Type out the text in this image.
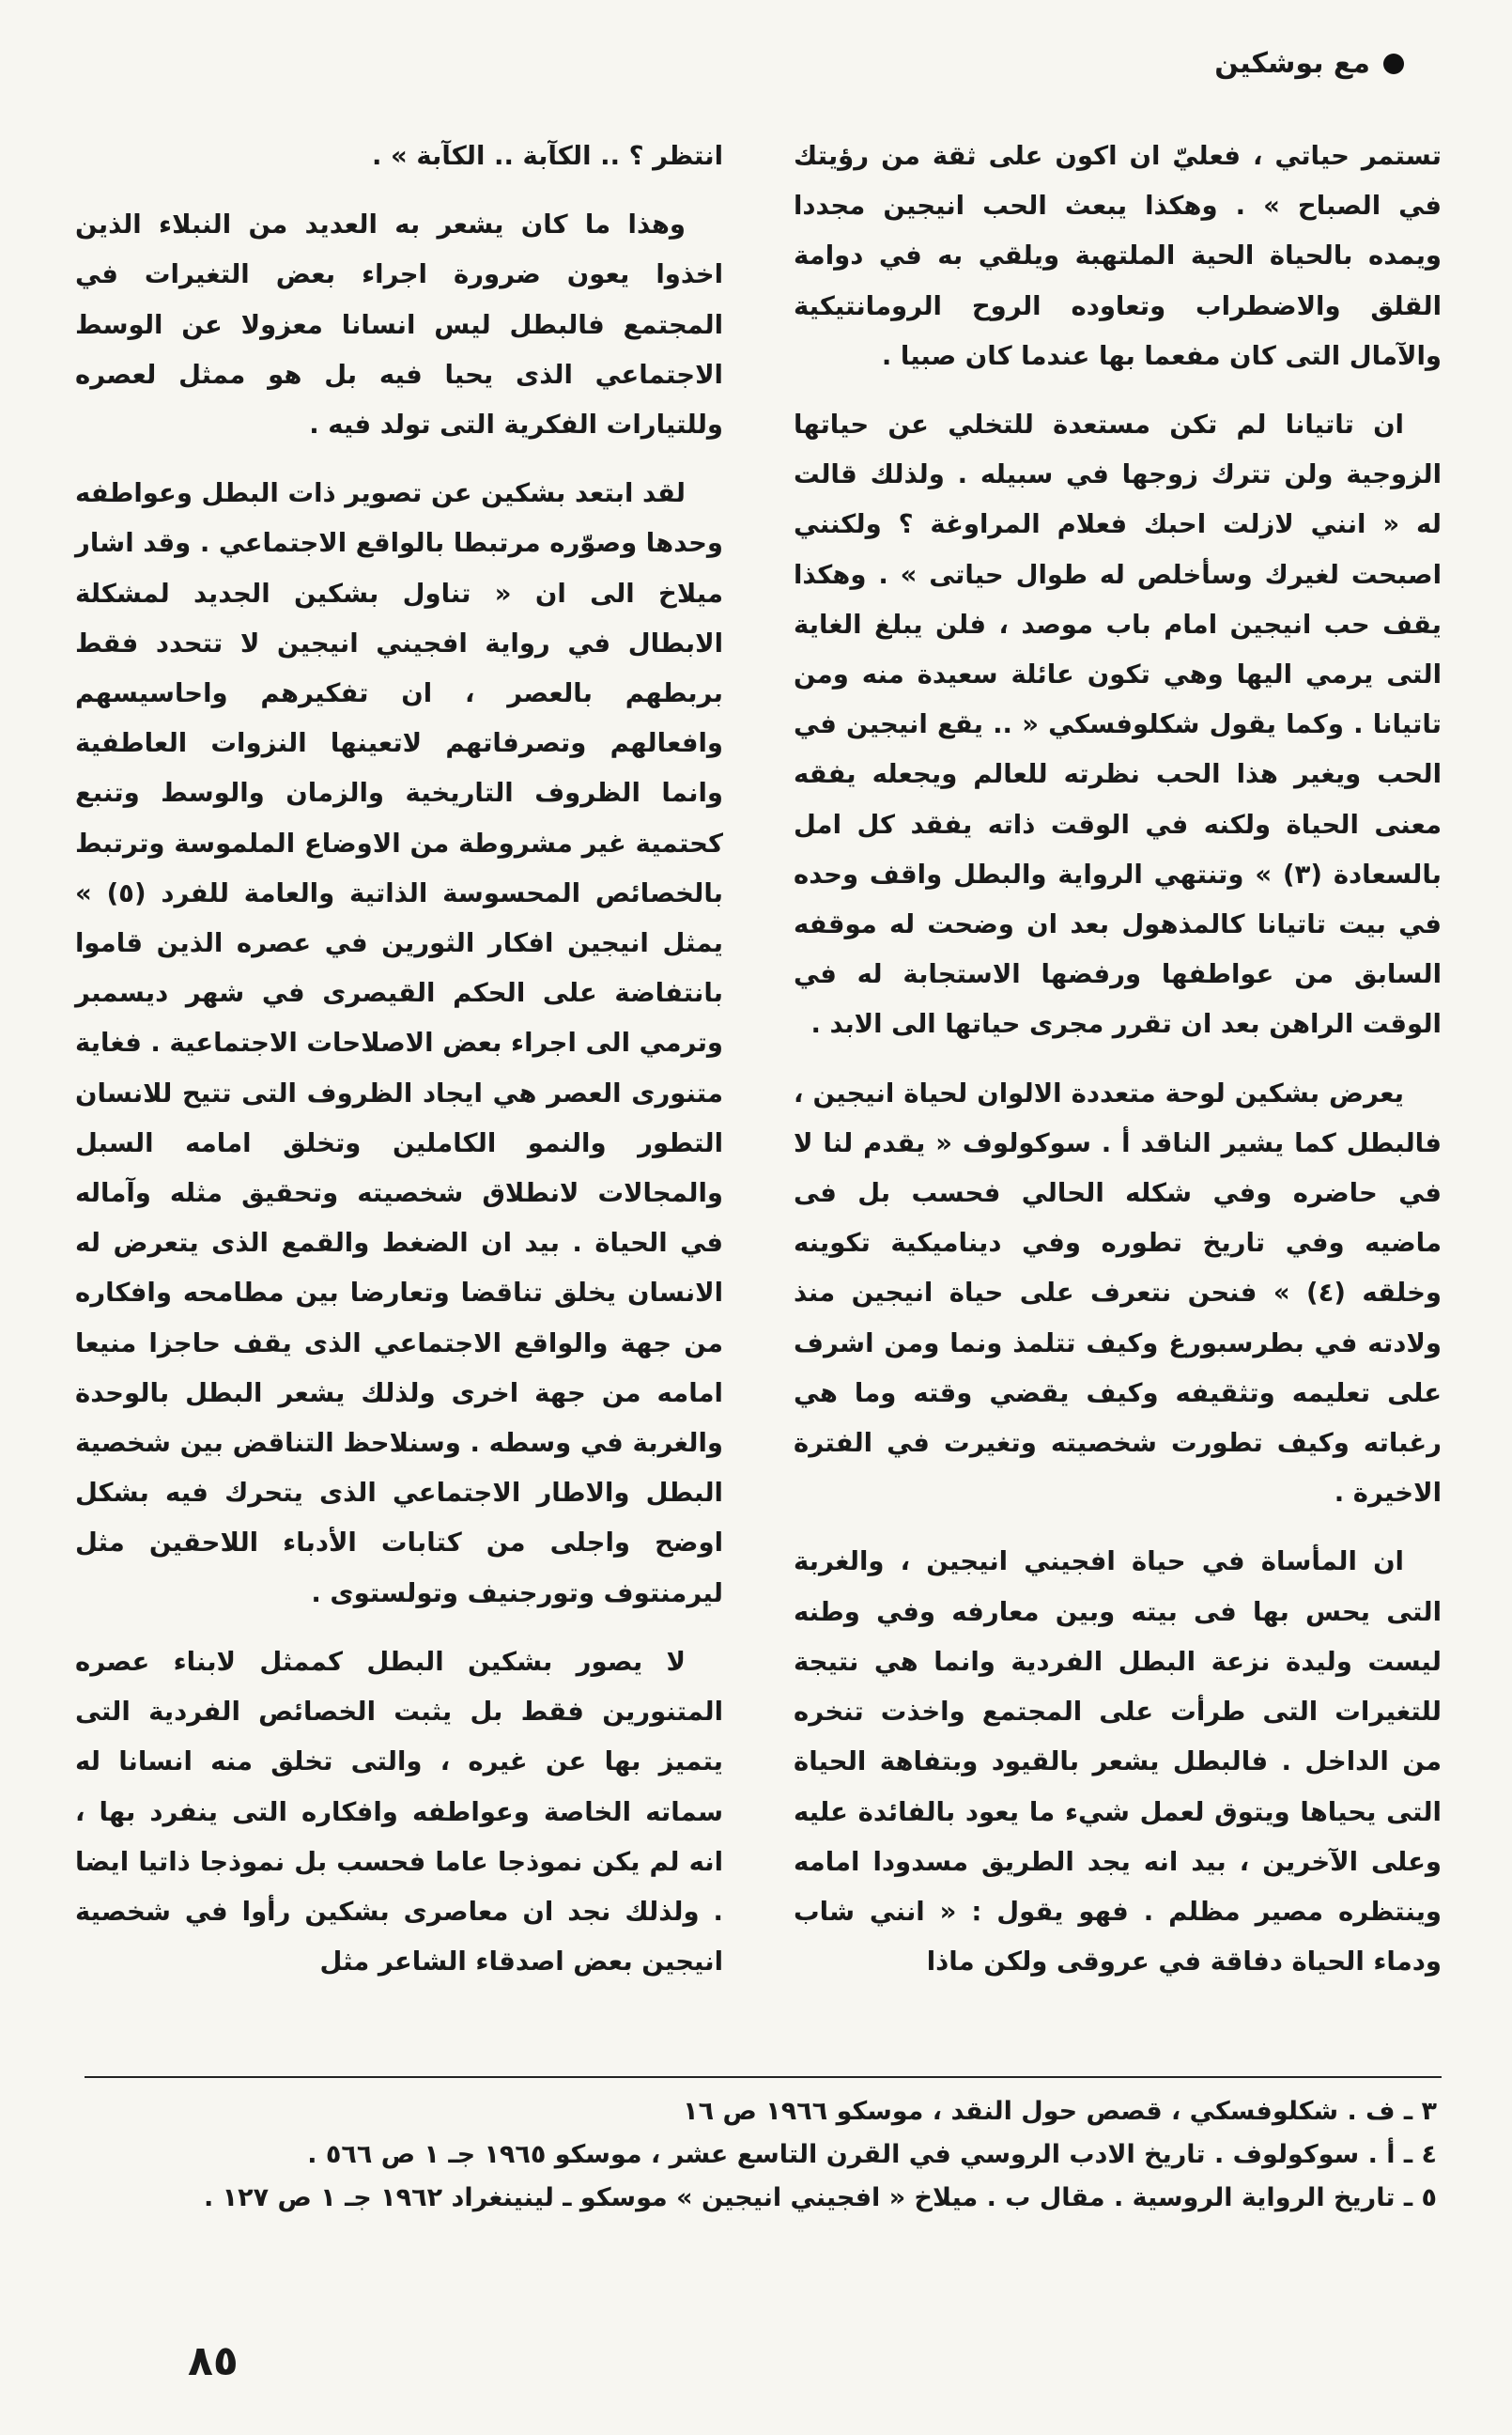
مع بوشكين

تستمر حياتي ، فعليّ ان اكون على ثقة من رؤيتك في الصباح » . وهكذا يبعث الحب انيجين مجددا ويمده بالحياة الحية الملتهبة ويلقي به في دوامة القلق والاضطراب وتعاوده الروح الرومانتيكية والآمال التى كان مفعما بها عندما كان صبيا .

ان تاتيانا لم تكن مستعدة للتخلي عن حياتها الزوجية ولن تترك زوجها في سبيله . ولذلك قالت له « انني لازلت احبك فعلام المراوغة ؟ ولكنني اصبحت لغيرك وسأخلص له طوال حياتى » . وهكذا يقف حب انيجين امام باب موصد ، فلن يبلغ الغاية التى يرمي اليها وهي تكون عائلة سعيدة منه ومن تاتيانا . وكما يقول شكلوفسكي « .. يقع انيجين في الحب ويغير هذا الحب نظرته للعالم ويجعله يفقه معنى الحياة ولكنه في الوقت ذاته يفقد كل امل بالسعادة (٣) » وتنتهي الرواية والبطل واقف وحده في بيت تاتيانا كالمذهول بعد ان وضحت له موقفه السابق من عواطفها ورفضها الاستجابة له في الوقت الراهن بعد ان تقرر مجرى حياتها الى الابد .

يعرض بشكين لوحة متعددة الالوان لحياة انيجين ، فالبطل كما يشير الناقد أ . سوكولوف « يقدم لنا لا في حاضره وفي شكله الحالي فحسب بل فى ماضيه وفي تاريخ تطوره وفي ديناميكية تكوينه وخلقه (٤) » فنحن نتعرف على حياة انيجين منذ ولادته في بطرسبورغ وكيف تتلمذ ونما ومن اشرف على تعليمه وتثقيفه وكيف يقضي وقته وما هي رغباته وكيف تطورت شخصيته وتغيرت في الفترة الاخيرة .

ان المأساة في حياة افجيني انيجين ، والغربة التى يحس بها فى بيته وبين معارفه وفي وطنه ليست وليدة نزعة البطل الفردية وانما هي نتيجة للتغيرات التى طرأت على المجتمع واخذت تنخره من الداخل . فالبطل يشعر بالقيود وبتفاهة الحياة التى يحياها ويتوق لعمل شيء ما يعود بالفائدة عليه وعلى الآخرين ، بيد انه يجد الطريق مسدودا امامه وينتظره مصير مظلم . فهو يقول : « انني شاب ودماء الحياة دفاقة في عروقى ولكن ماذا

انتظر ؟ .. الكآبة .. الكآبة » .

وهذا ما كان يشعر به العديد من النبلاء الذين اخذوا يعون ضرورة اجراء بعض التغيرات في المجتمع فالبطل ليس انسانا معزولا عن الوسط الاجتماعي الذى يحيا فيه بل هو ممثل لعصره وللتيارات الفكرية التى تولد فيه .

لقد ابتعد بشكين عن تصوير ذات البطل وعواطفه وحدها وصوّره مرتبطا بالواقع الاجتماعي . وقد اشار ميلاخ الى ان « تناول بشكين الجديد لمشكلة الابطال في رواية افجيني انيجين لا تتحدد فقط بربطهم بالعصر ، ان تفكيرهم واحاسيسهم وافعالهم وتصرفاتهم لاتعينها النزوات العاطفية وانما الظروف التاريخية والزمان والوسط وتنبع كحتمية غير مشروطة من الاوضاع الملموسة وترتبط بالخصائص المحسوسة الذاتية والعامة للفرد (٥) » يمثل انيجين افكار الثورين في عصره الذين قاموا بانتفاضة على الحكم القيصرى في شهر ديسمبر وترمي الى اجراء بعض الاصلاحات الاجتماعية . فغاية متنورى العصر هي ايجاد الظروف التى تتيح للانسان التطور والنمو الكاملين وتخلق امامه السبل والمجالات لانطلاق شخصيته وتحقيق مثله وآماله في الحياة . بيد ان الضغط والقمع الذى يتعرض له الانسان يخلق تناقضا وتعارضا بين مطامحه وافكاره من جهة والواقع الاجتماعي الذى يقف حاجزا منيعا امامه من جهة اخرى ولذلك يشعر البطل بالوحدة والغربة في وسطه . وسنلاحظ التناقض بين شخصية البطل والاطار الاجتماعي الذى يتحرك فيه بشكل اوضح واجلى من كتابات الأدباء اللاحقين مثل ليرمنتوف وتورجنيف وتولستوى .

لا يصور بشكين البطل كممثل لابناء عصره المتنورين فقط بل يثبت الخصائص الفردية التى يتميز بها عن غيره ، والتى تخلق منه انسانا له سماته الخاصة وعواطفه وافكاره التى ينفرد بها ، انه لم يكن نموذجا عاما فحسب بل نموذجا ذاتيا ايضا . ولذلك نجد ان معاصرى بشكين رأوا في شخصية انيجين بعض اصدقاء الشاعر مثل

٣ ـ ف . شكلوفسكي ، قصص حول النقد ، موسكو ١٩٦٦ ص ١٦
٤ ـ أ . سوكولوف . تاريخ الادب الروسي في القرن التاسع عشر ، موسكو ١٩٦٥ جـ ١ ص ٥٦٦ .
٥ ـ تاريخ الرواية الروسية . مقال ب . ميلاخ « افجيني انيجين » موسكو ـ لينينغراد ١٩٦٢ جـ ١ ص ١٢٧ .
٨٥
